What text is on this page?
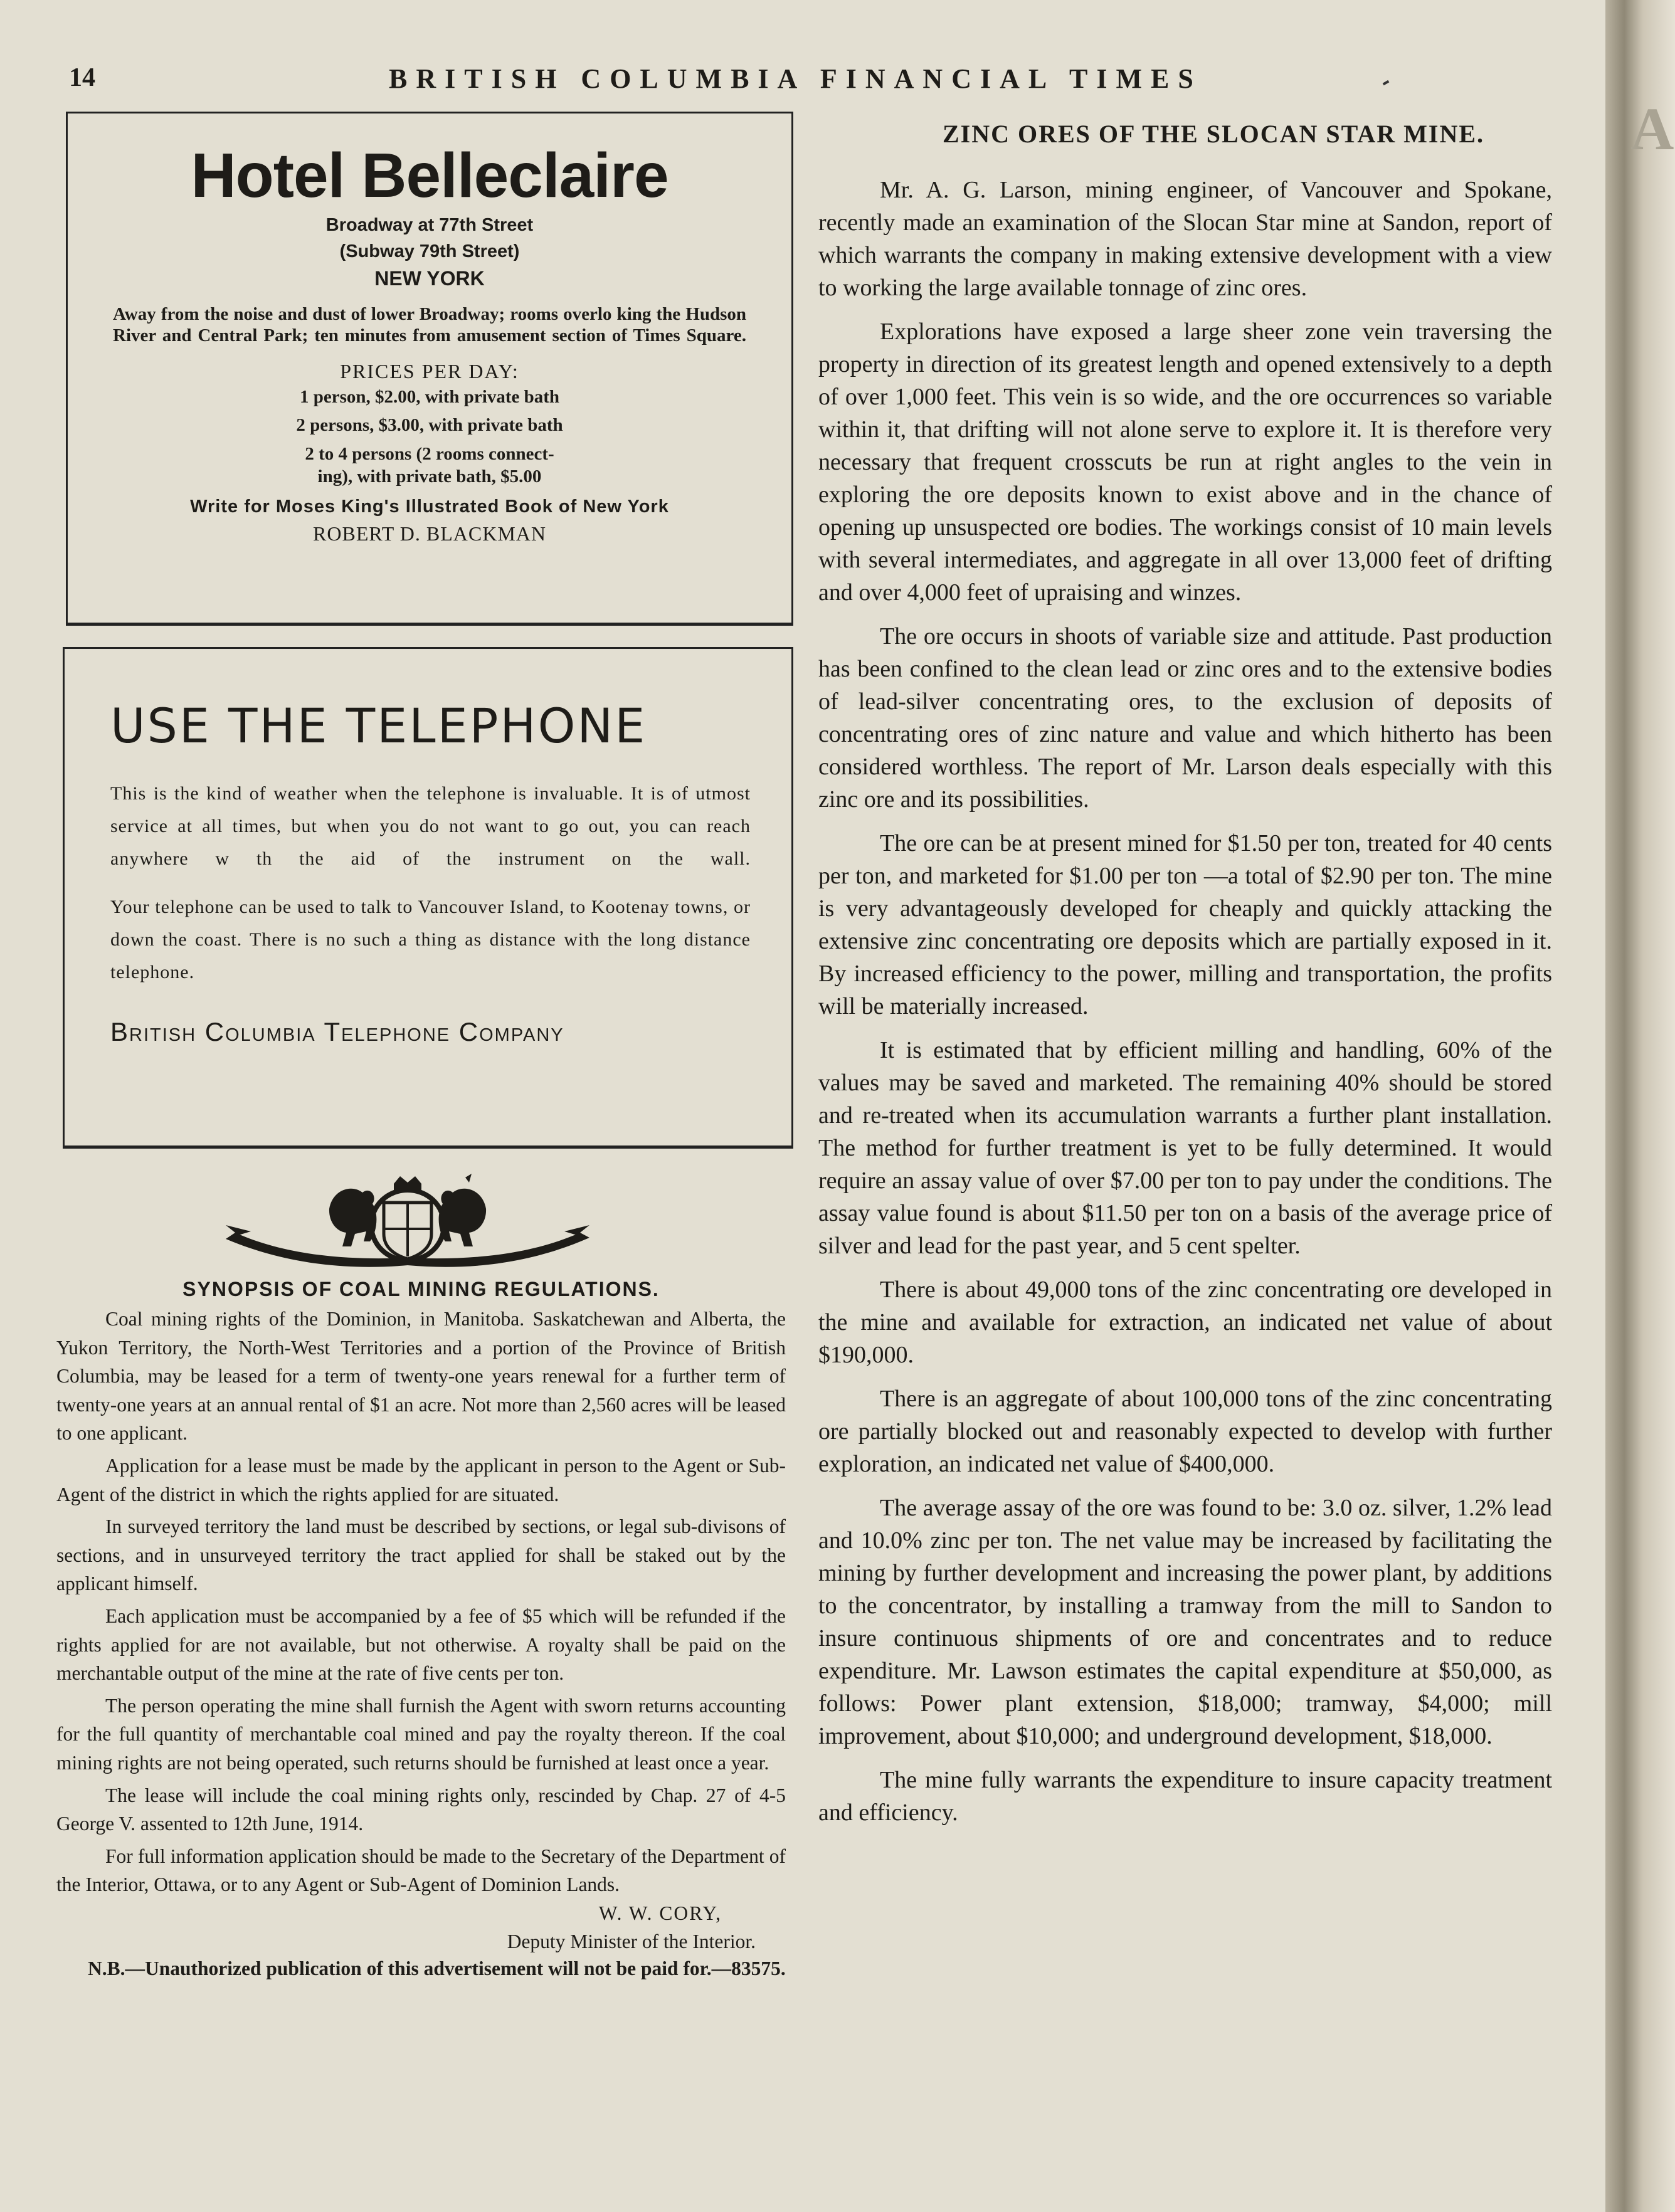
14	BRITISH COLUMBIA FINANCIAL TIMES
Hotel Belleclaire
Broadway at 77th Street
(Subway 79th Street)
NEW YORK
Away from the noise and dust of lower Broadway; rooms overlo king the Hudson River and Central Park; ten minutes from amusement section of Times Square.
PRICES PER DAY:
1 person, $2.00, with private bath
2 persons, $3.00, with private bath
2 to 4 persons (2 rooms connect-
ing), with private bath, $5.00
Write for Moses King's Illustrated Book of New York
ROBERT D. BLACKMAN
USE THE TELEPHONE

This is the kind of weather when the telephone is invaluable. It is of utmost service at all times, but when you do not want to go out, you can reach anywhere w th the aid of the instrument on the wall.

Your telephone can be used to talk to Vancouver Island, to Kootenay towns, or down the coast. There is no such a thing as distance with the long distance telephone.

British Columbia Telephone Company
SYNOPSIS OF COAL MINING REGULATIONS.

Coal mining rights of the Dominion, in Manitoba. Saskatchewan and Alberta, the Yukon Territory, the North-West Territories and a portion of the Province of British Columbia, may be leased for a term of twenty-one years renewal for a further term of twenty-one years at an annual rental of $1 an acre. Not more than 2,560 acres will be leased to one applicant.

Application for a lease must be made by the applicant in person to the Agent or Sub-Agent of the district in which the rights applied for are situated.

In surveyed territory the land must be described by sections, or legal sub-divisons of sections, and in unsurveyed territory the tract applied for shall be staked out by the applicant himself.

Each application must be accompanied by a fee of $5 which will be refunded if the rights applied for are not available, but not otherwise. A royalty shall be paid on the merchantable output of the mine at the rate of five cents per ton.

The person operating the mine shall furnish the Agent with sworn returns accounting for the full quantity of merchantable coal mined and pay the royalty thereon. If the coal mining rights are not being operated, such returns should be furnished at least once a year.

The lease will include the coal mining rights only, rescinded by Chap. 27 of 4-5 George V. assented to 12th June, 1914.

For full information application should be made to the Secretary of the Department of the Interior, Ottawa, or to any Agent or Sub-Agent of Dominion Lands.

W. W. CORY,
Deputy Minister of the Interior.

N.B.—Unauthorized publication of this advertisement will not be paid for.—83575.

ZINC ORES OF THE SLOCAN STAR MINE.

Mr. A. G. Larson, mining engineer, of Vancouver and Spokane, recently made an examination of the Slocan Star mine at Sandon, report of which warrants the company in making extensive development with a view to working the large available tonnage of zinc ores.

Explorations have exposed a large sheer zone vein traversing the property in direction of its greatest length and opened extensively to a depth of over 1,000 feet. This vein is so wide, and the ore occurrences so variable within it, that drifting will not alone serve to explore it. It is therefore very necessary that frequent crosscuts be run at right angles to the vein in exploring the ore deposits known to exist above and in the chance of opening up unsuspected ore bodies. The workings consist of 10 main levels with several intermediates, and aggregate in all over 13,000 feet of drifting and over 4,000 feet of upraising and winzes.

The ore occurs in shoots of variable size and attitude. Past production has been confined to the clean lead or zinc ores and to the extensive bodies of lead-silver concentrating ores, to the exclusion of deposits of concentrating ores of zinc nature and value and which hitherto has been considered worthless. The report of Mr. Larson deals especially with this zinc ore and its possibilities.

The ore can be at present mined for $1.50 per ton, treated for 40 cents per ton, and marketed for $1.00 per ton —a total of $2.90 per ton. The mine is very advantageously developed for cheaply and quickly attacking the extensive zinc concentrating ore deposits which are partially exposed in it. By increased efficiency to the power, milling and transportation, the profits will be materially increased.

It is estimated that by efficient milling and handling, 60% of the values may be saved and marketed. The remaining 40% should be stored and re-treated when its accumulation warrants a further plant installation. The method for further treatment is yet to be fully determined. It would require an assay value of over $7.00 per ton to pay under the conditions. The assay value found is about $11.50 per ton on a basis of the average price of silver and lead for the past year, and 5 cent spelter.

There is about 49,000 tons of the zinc concentrating ore developed in the mine and available for extraction, an indicated net value of about $190,000.

There is an aggregate of about 100,000 tons of the zinc concentrating ore partially blocked out and reasonably expected to develop with further exploration, an indicated net value of $400,000.

The average assay of the ore was found to be: 3.0 oz. silver, 1.2% lead and 10.0% zinc per ton. The net value may be increased by facilitating the mining by further development and increasing the power plant, by additions to the concentrator, by installing a tramway from the mill to Sandon to insure continuous shipments of ore and concentrates and to reduce expenditure. Mr. Lawson estimates the capital expenditure at $50,000, as follows: Power plant extension, $18,000; tramway, $4,000; mill improvement, about $10,000; and underground development, $18,000.

The mine fully warrants the expenditure to insure capacity treatment and efficiency.

A
